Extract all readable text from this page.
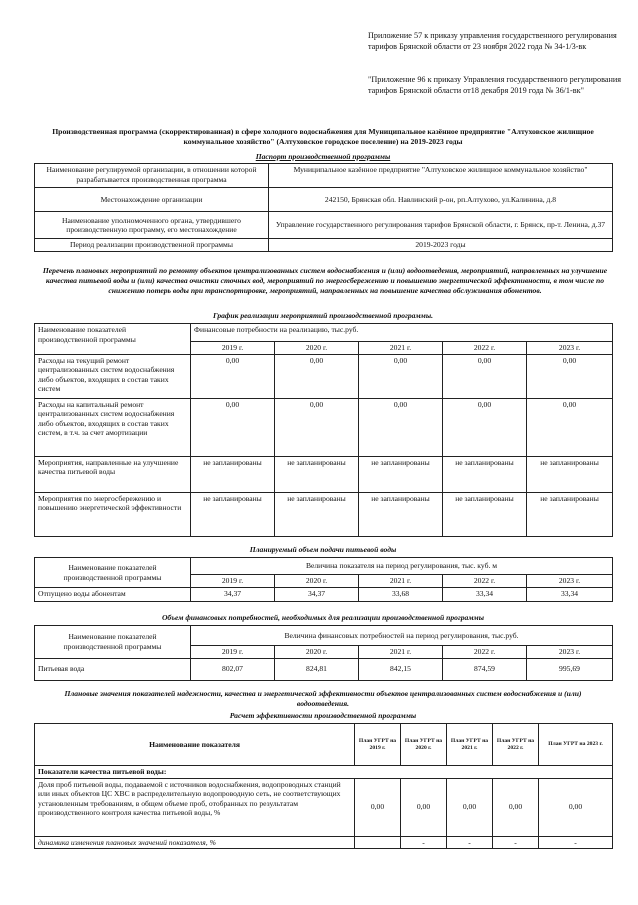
Приложение 57 к приказу управления государственного регулирования тарифов Брянской области от 23 ноября 2022 года № 34-1/3-вк
"Приложение 96 к приказу Управления государственного регулирования тарифов Брянской области от18 декабря 2019 года № 36/1-вк"
Производственная программа (скорректированная) в сфере холодного водоснабжения для Муниципальное казённое предприятие "Алтуховское жилищное коммунальное хозяйство" (Алтуховское городское поселение) на 2019-2023 годы
Паспорт производственной программы
Наименование регулируемой организации, в отношении которой разрабатывается производственная программа	Муниципальное казённое предприятие "Алтуховское жилищное коммунальное хозяйство"
Местонахождение организации	242150, Брянская обл. Навлинский р-он, рп.Алтухово, ул.Калинина, д.8
Наименование уполномоченного органа, утвердившего производственную программу, его местонахождение	Управление государственного регулирования тарифов Брянской области, г. Брянск, пр-т. Ленина, д.37
Период реализации производственной программы	2019-2023 годы
Перечень плановых мероприятий по ремонту объектов централизованных систем водоснабжения и (или) водоотведения, мероприятий, направленных на улучшение качества питьевой воды и (или) качества очистки сточных вод, мероприятий по энергосбережению и повышению энергетической эффективности, в том числе по снижению потерь воды при транспортировке, мероприятий, направленных на повышение качества обслуживания абонентов.
График реализации мероприятий производственной программы.
Наименование показателей производственной программы	Финансовые потребности на реализацию, тыс.руб.				
	2019 г.	2020 г.	2021 г.	2022 г.	2023 г.
Расходы на текущий ремонт централизованных систем водоснабжения либо объектов, входящих в состав таких систем	0,00	0,00	0,00	0,00	0,00
Расходы на капитальный ремонт централизованных систем водоснабжения либо объектов, входящих в состав таких систем, в т.ч. за счет амортизации	0,00	0,00	0,00	0,00	0,00
Мероприятия, направленные на улучшение качества питьевой воды	не запланированы	не запланированы	не запланированы	не запланированы	не запланированы
Мероприятия по энергосбережению и повышению энергетической эффективности	не запланированы	не запланированы	не запланированы	не запланированы	не запланированы
Планируемый объем подачи питьевой воды
Наименование показателей производственной программы	Величина показателя на период регулирования, тыс. куб. м				
	2019 г.	2020 г.	2021 г.	2022 г.	2023 г.
Отпущено воды абонентам	34,37	34,37	33,68	33,34	33,34
Объем финансовых потребностей, необходимых для реализации производственной программы
Наименование показателей производственной программы	Величина финансовых потребностей на период регулирования, тыс.руб.				
	2019 г.	2020 г.	2021 г.	2022 г.	2023 г.
Питьевая вода	802,07	824,81	842,15	874,59	995,69
Плановые значения показателей надежности, качества и энергетической эффективности объектов централизованных систем водоснабжения и (или) водоотведения.
Расчет эффективности производственной программы
Наименование показателя	План УГРТ на 2019 г.	План УГРТ на 2020 г.	План УГРТ на 2021 г.	План УГРТ на 2022 г.	План УГРТ на 2023 г.
Показатели качества питьевой воды:					
Доля проб питьевой воды, подаваемой с источников водоснабжения, водопроводных станций или иных объектов ЦС ХВС в распределительную водопроводную сеть, не соответствующих установленным требованиям, в общем объеме проб, отобранных по результатам производственного контроля качества питьевой воды, %	0,00	0,00	0,00	0,00	0,00
динамика изменения плановых значений показателя, %		-	-	-	-
